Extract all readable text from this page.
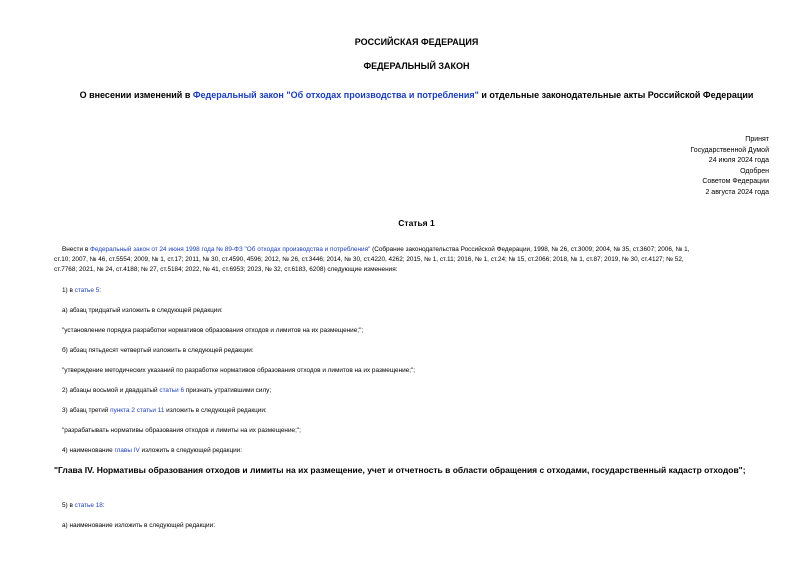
РОССИЙСКАЯ ФЕДЕРАЦИЯ

ФЕДЕРАЛЬНЫЙ ЗАКОН

О внесении изменений в Федеральный закон "Об отходах производства и потребления" и отдельные законодательные акты Российской Федерации

Принят
Государственной Думой
24 июля 2024 года
Одобрен
Советом Федерации
2 августа 2024 года

Статья 1

Внести в Федеральный закон от 24 июня 1998 года № 89-ФЗ "Об отходах производства и потребления" (Собрание законодательства Российской Федерации, 1998, № 26, ст.3009; 2004, № 35, ст.3607; 2006, № 1,
ст.10; 2007, № 46, ст.5554; 2009, № 1, ст.17; 2011, № 30, ст.4590, 4596; 2012, № 26, ст.3446; 2014, № 30, ст.4220, 4262; 2015, № 1, ст.11; 2016, № 1, ст.24; № 15, ст.2066; 2018, № 1, ст.87; 2019, № 30, ст.4127; № 52,
ст.7768; 2021, № 24, ст.4188; № 27, ст.5184; 2022, № 41, ст.6953; 2023, № 32, ст.6183, 6208) следующие изменения:

1) в статье 5:

а) абзац тридцатый изложить в следующей редакции:

"установление порядка разработки нормативов образования отходов и лимитов на их размещение;";

б) абзац пятьдесят четвертый изложить в следующей редакции:

"утверждение методических указаний по разработке нормативов образования отходов и лимитов на их размещение;";

2) абзацы восьмой и двадцатый статьи 6 признать утратившими силу;

3) абзац третий пункта 2 статьи 11 изложить в следующей редакции:

"разрабатывать нормативы образования отходов и лимиты на их размещение;";

4) наименование главы IV изложить в следующей редакции:

"Глава IV. Нормативы образования отходов и лимиты на их размещение, учет и отчетность в области обращения с отходами, государственный кадастр отходов";

5) в статье 18:

а) наименование изложить в следующей редакции:
